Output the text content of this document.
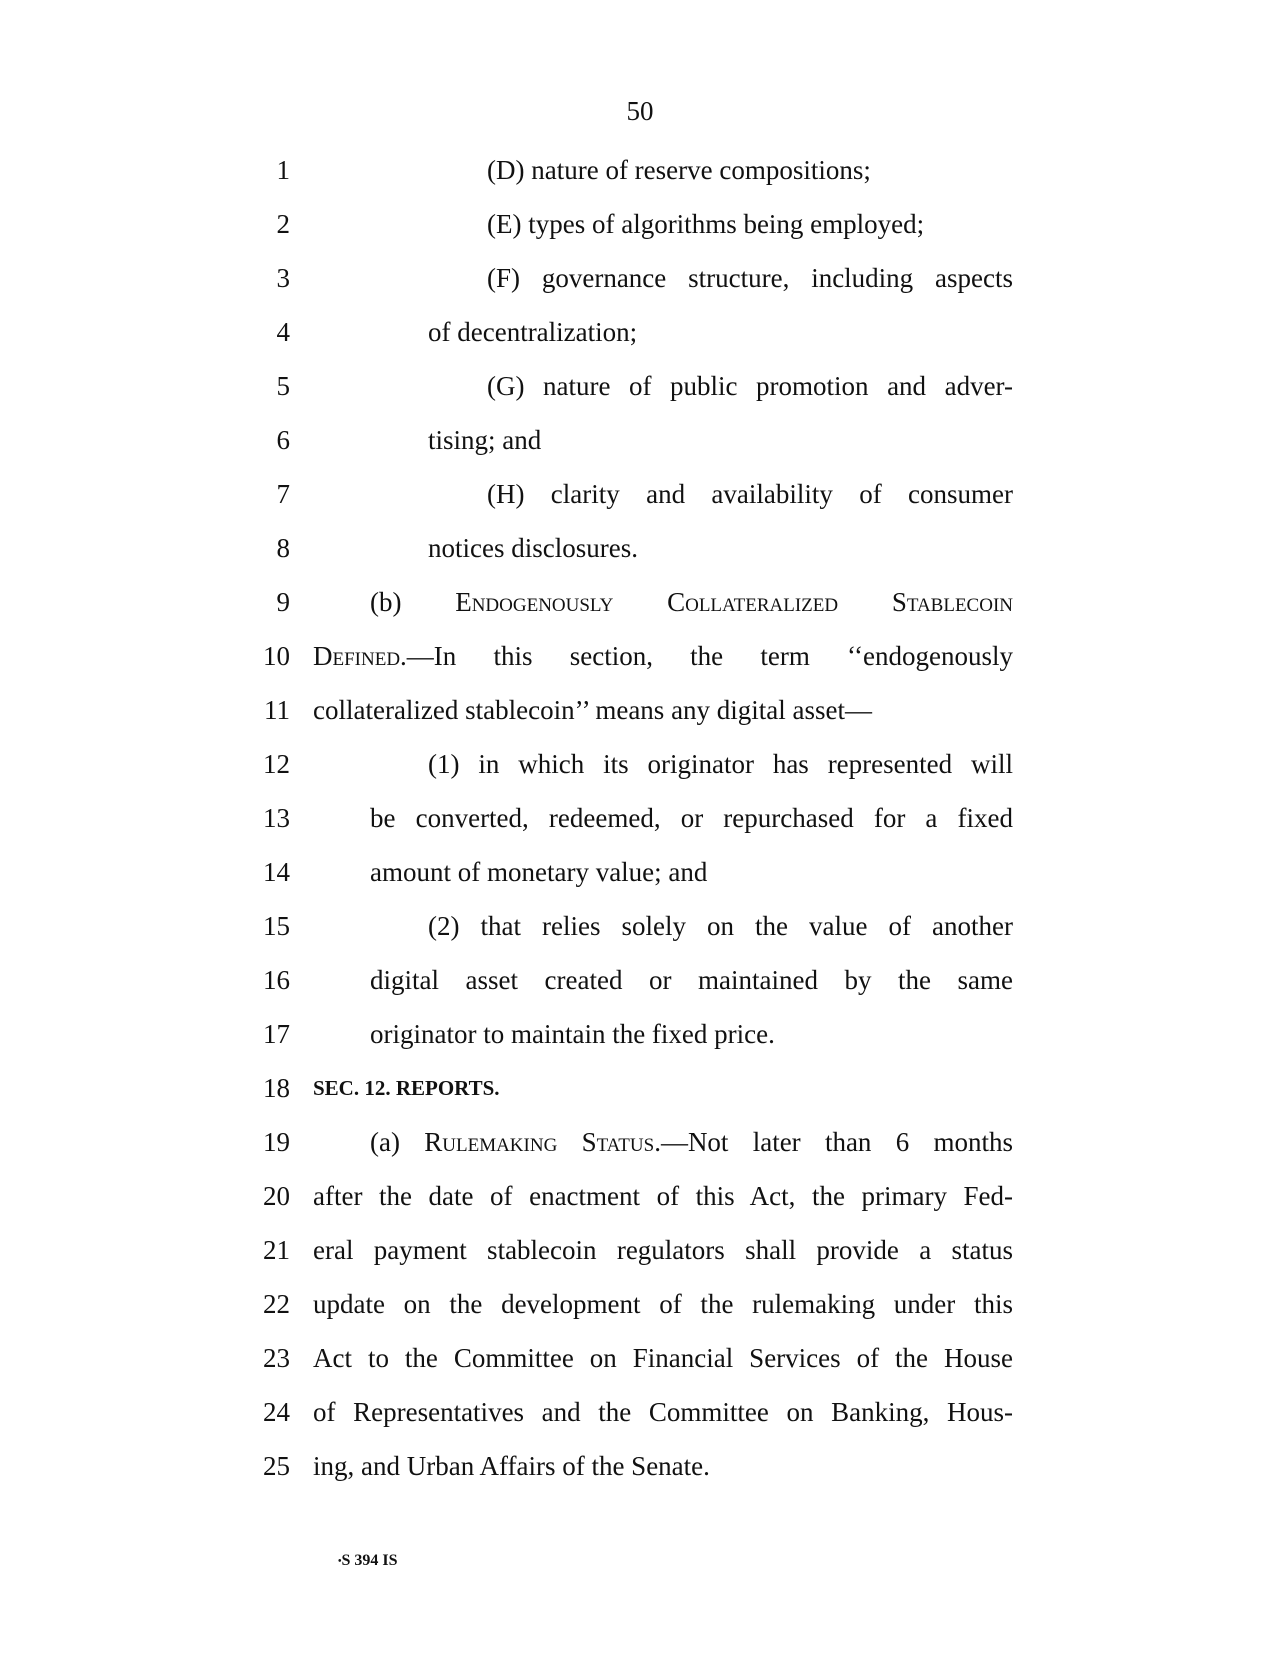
50
1	(D) nature of reserve compositions;
2	(E) types of algorithms being employed;
3	(F) governance structure, including aspects
4	of decentralization;
5	(G) nature of public promotion and adver-
6	tising; and
7	(H) clarity and availability of consumer
8	notices disclosures.
9	(b) Endogenously Collateralized Stablecoin
10 Defined.—In this section, the term ‘‘endogenously
11 collateralized stablecoin’’ means any digital asset—
12	(1) in which its originator has represented will
13	be converted, redeemed, or repurchased for a fixed
14	amount of monetary value; and
15	(2) that relies solely on the value of another
16	digital asset created or maintained by the same
17	originator to maintain the fixed price.
18 SEC. 12. REPORTS.
19	(a) Rulemaking Status.—Not later than 6 months
20 after the date of enactment of this Act, the primary Fed-
21 eral payment stablecoin regulators shall provide a status
22 update on the development of the rulemaking under this
23 Act to the Committee on Financial Services of the House
24 of Representatives and the Committee on Banking, Hous-
25 ing, and Urban Affairs of the Senate.
•S 394 IS
